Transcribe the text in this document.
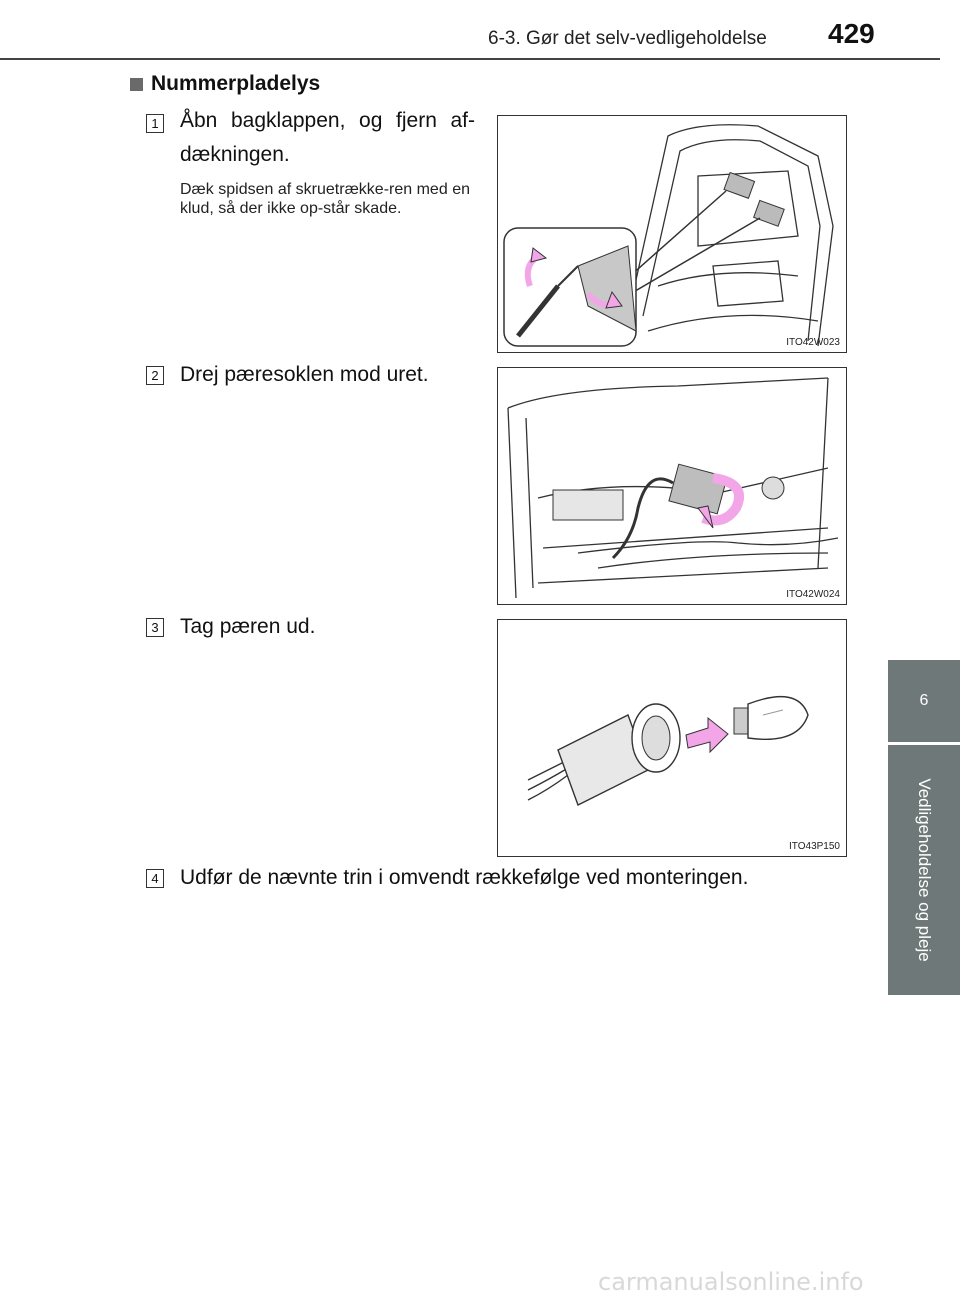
6-3. Gør det selv-vedligeholdelse 429
6
Vedligeholdelse og pleje
Nummerpladelys
1 Åbn bagklappen, og fjern af-dækningen.
Dæk spidsen af skruetrække-ren med en klud, så der ikke op-står skade.
ITO42W023
2 Drej pæresoklen mod uret.
ITO42W024
3 Tag pæren ud.
ITO43P150
4 Udfør de nævnte trin i omvendt rækkefølge ved monteringen.
carmanualsonline.info
